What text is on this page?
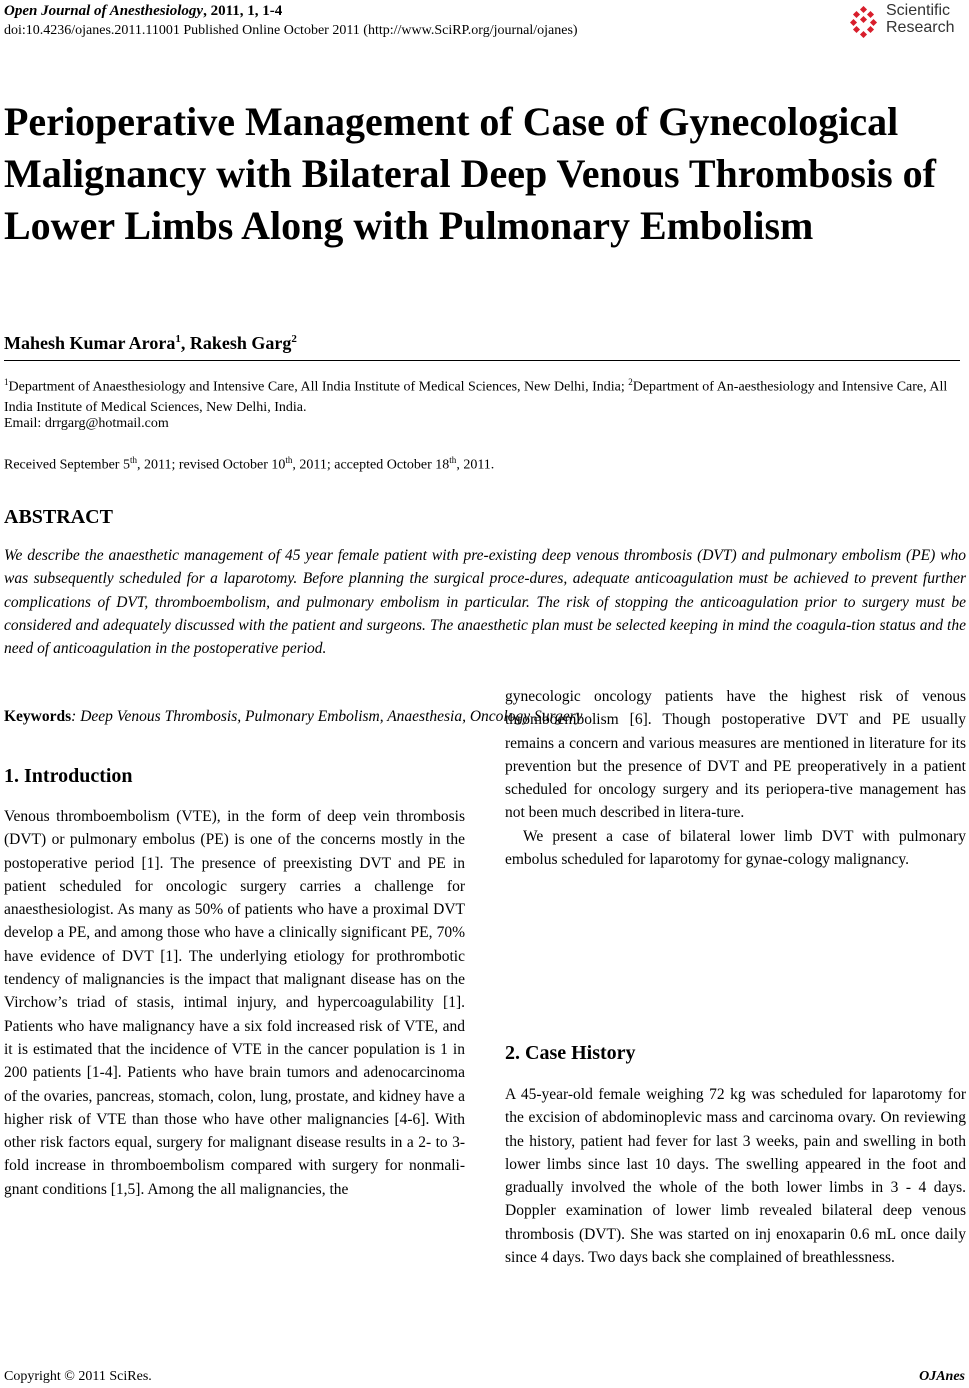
Open Journal of Anesthesiology, 2011, 1, 1-4
doi:10.4236/ojanes.2011.11001 Published Online October 2011 (http://www.SciRP.org/journal/ojanes)
Scientific
Research
Perioperative Management of Case of Gynecological Malignancy with Bilateral Deep Venous Thrombosis of Lower Limbs Along with Pulmonary Embolism
Mahesh Kumar Arora$^1$, Rakesh Garg$^2$
$^1$Department of Anaesthesiology and Intensive Care, All India Institute of Medical Sciences, New Delhi, India; $^2$Department of An-aesthesiology and Intensive Care, All India Institute of Medical Sciences, New Delhi, India.
Email: drrgarg@hotmail.com
Received September 5th, 2011; revised October 10th, 2011; accepted October 18th, 2011.
ABSTRACT

We describe the anaesthetic management of 45 year female patient with pre-existing deep venous thrombosis (DVT) and pulmonary embolism (PE) who was subsequently scheduled for a laparotomy. Before planning the surgical proce-dures, adequate anticoagulation must be achieved to prevent further complications of DVT, thromboembolism, and pulmonary embolism in particular. The risk of stopping the anticoagulation prior to surgery must be considered and adequately discussed with the patient and surgeons. The anaesthetic plan must be selected keeping in mind the coagula-tion status and the need of anticoagulation in the postoperative period.

Keywords: Deep Venous Thrombosis, Pulmonary Embolism, Anaesthesia, Oncology Surgery
1. Introduction

Venous thromboembolism (VTE), in the form of deep vein thrombosis (DVT) or pulmonary embolus (PE) is one of the concerns mostly in the postoperative period [1]. The presence of preexisting DVT and PE in patient scheduled for oncologic surgery carries a challenge for anaesthesiologist. As many as 50% of patients who have a proximal DVT develop a PE, and among those who have a clinically significant PE, 70% have evidence of DVT [1]. The underlying etiology for prothrombotic tendency of malignancies is the impact that malignant disease has on the Virchow’s triad of stasis, intimal injury, and hypercoagulability [1]. Patients who have malignancy have a six fold increased risk of VTE, and it is estimated that the incidence of VTE in the cancer population is 1 in 200 patients [1-4]. Patients who have brain tumors and adenocarcinoma of the ovaries, pancreas, stomach, colon, lung, prostate, and kidney have a higher risk of VTE than those who have other malignancies [4-6]. With other risk factors equal, surgery for malignant disease results in a 2- to 3-fold increase in thromboembolism compared with surgery for nonmali-gnant conditions [1,5]. Among the all malignancies, the

gynecologic oncology patients have the highest risk of venous thromboembolism [6]. Though postoperative DVT and PE usually remains a concern and various measures are mentioned in literature for its prevention but the presence of DVT and PE preoperatively in a patient scheduled for oncology surgery and its periopera-tive management has not been much described in litera-ture.

We present a case of bilateral lower limb DVT with pulmonary embolus scheduled for laparotomy for gynae-cology malignancy.

2. Case History

A 45-year-old female weighing 72 kg was scheduled for laparotomy for the excision of abdominoplevic mass and carcinoma ovary. On reviewing the history, patient had fever for last 3 weeks, pain and swelling in both lower limbs since last 10 days. The swelling appeared in the foot and gradually involved the whole of the both lower limbs in 3 - 4 days. Doppler examination of lower limb revealed bilateral deep venous thrombosis (DVT). She was started on inj enoxaparin 0.6 mL once daily since 4 days. Two days back she complained of breathlessness.

Copyright © 2011 SciRes.	OJAnes
